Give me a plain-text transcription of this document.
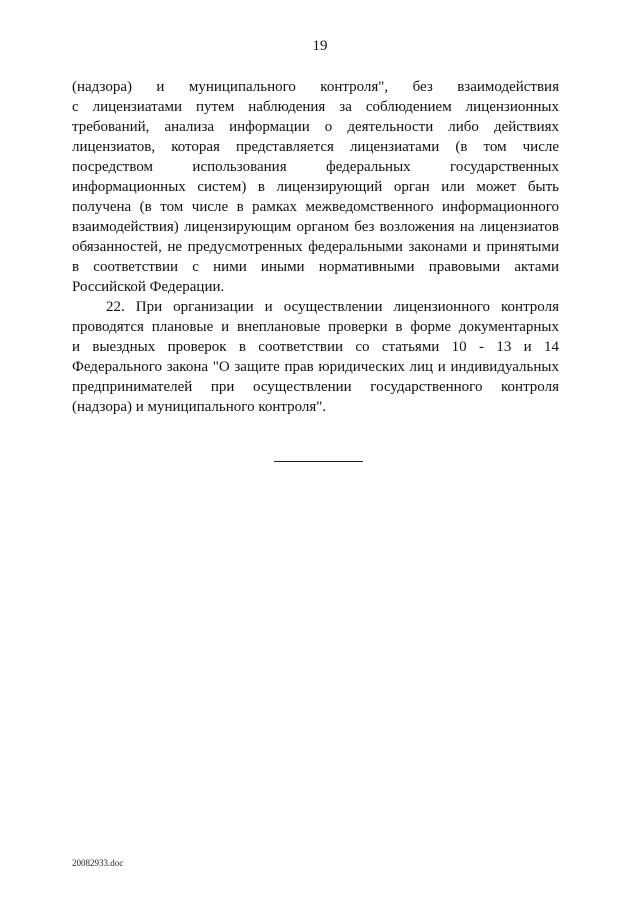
19

(надзора) и муниципального контроля", без взаимодействия
с лицензиатами путем наблюдения за соблюдением лицензионных
требований, анализа информации о деятельности либо действиях
лицензиатов, которая представляется лицензиатами (в том числе
посредством использования федеральных государственных
информационных систем) в лицензирующий орган или может быть
получена (в том числе в рамках межведомственного информационного
взаимодействия) лицензирующим органом без возложения на лицензиатов
обязанностей, не предусмотренных федеральными законами и принятыми
в соответствии с ними иными нормативными правовыми актами
Российской Федерации.

22. При организации и осуществлении лицензионного контроля
проводятся плановые и внеплановые проверки в форме документарных
и выездных проверок в соответствии со статьями 10 - 13 и 14
Федерального закона "О защите прав юридических лиц и индивидуальных
предпринимателей при осуществлении государственного контроля
(надзора) и муниципального контроля".

20082933.doc
